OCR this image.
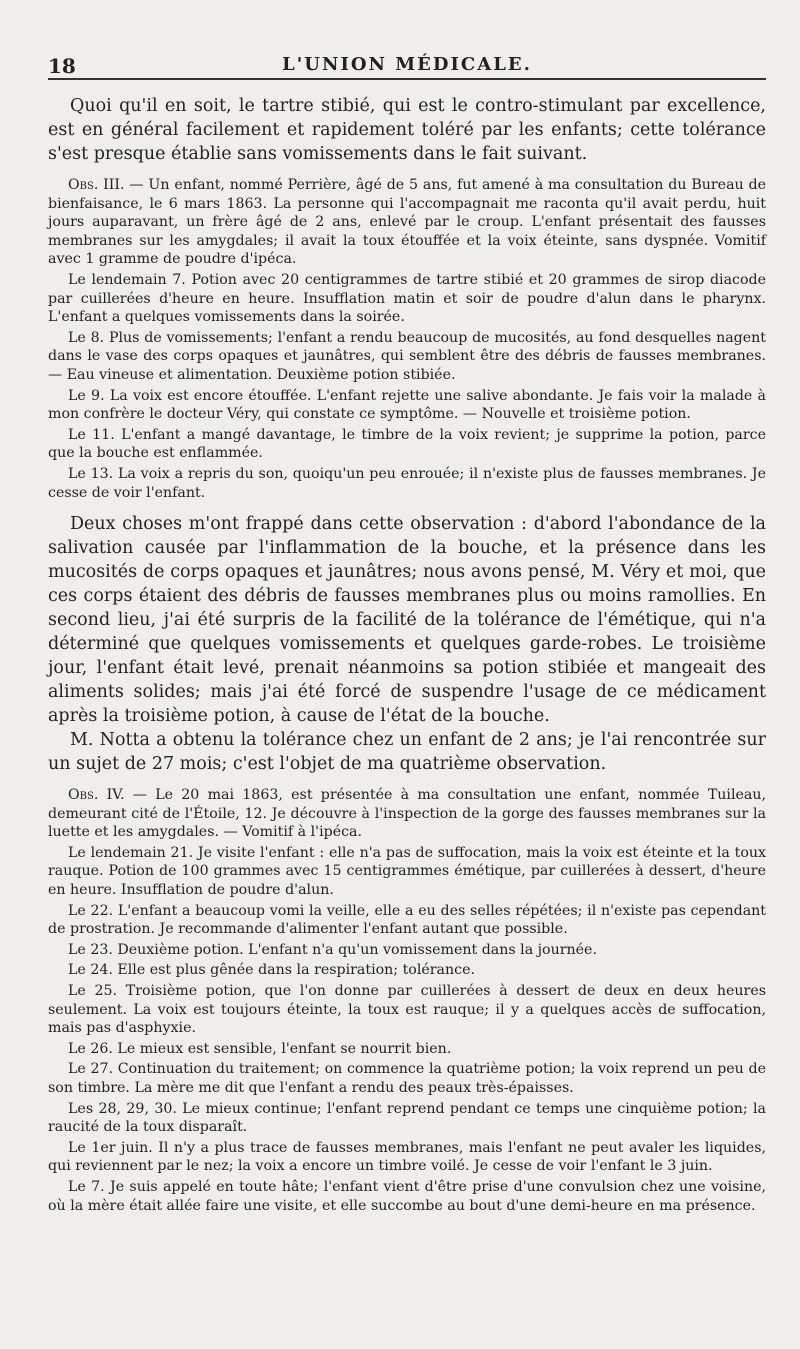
18	L'UNION MÉDICALE.

Quoi qu'il en soit, le tartre stibié, qui est le contro-stimulant par excellence, est en général facilement et rapidement toléré par les enfants; cette tolérance s'est presque établie sans vomissements dans le fait suivant.

Obs. III. — Un enfant, nommé Perrière, âgé de 5 ans, fut amené à ma consultation du Bureau de bienfaisance, le 6 mars 1863. La personne qui l'accompagnait me raconta qu'il avait perdu, huit jours auparavant, un frère âgé de 2 ans, enlevé par le croup. L'enfant présentait des fausses membranes sur les amygdales; il avait la toux étouffée et la voix éteinte, sans dyspnée. Vomitif avec 1 gramme de poudre d'ipéca.

Le lendemain 7. Potion avec 20 centigrammes de tartre stibié et 20 grammes de sirop diacode par cuillerées d'heure en heure. Insufflation matin et soir de poudre d'alun dans le pharynx. L'enfant a quelques vomissements dans la soirée.

Le 8. Plus de vomissements; l'enfant a rendu beaucoup de mucosités, au fond desquelles nagent dans le vase des corps opaques et jaunâtres, qui semblent être des débris de fausses membranes. — Eau vineuse et alimentation. Deuxième potion stibiée.

Le 9. La voix est encore étouffée. L'enfant rejette une salive abondante. Je fais voir la malade à mon confrère le docteur Véry, qui constate ce symptôme. — Nouvelle et troisième potion.

Le 11. L'enfant a mangé davantage, le timbre de la voix revient; je supprime la potion, parce que la bouche est enflammée.

Le 13. La voix a repris du son, quoiqu'un peu enrouée; il n'existe plus de fausses membranes. Je cesse de voir l'enfant.

Deux choses m'ont frappé dans cette observation : d'abord l'abondance de la salivation causée par l'inflammation de la bouche, et la présence dans les mucosités de corps opaques et jaunâtres; nous avons pensé, M. Véry et moi, que ces corps étaient des débris de fausses membranes plus ou moins ramollies. En second lieu, j'ai été surpris de la facilité de la tolérance de l'émétique, qui n'a déterminé que quelques vomissements et quelques garde-robes. Le troisième jour, l'enfant était levé, prenait néanmoins sa potion stibiée et mangeait des aliments solides; mais j'ai été forcé de suspendre l'usage de ce médicament après la troisième potion, à cause de l'état de la bouche.

M. Notta a obtenu la tolérance chez un enfant de 2 ans; je l'ai rencontrée sur un sujet de 27 mois; c'est l'objet de ma quatrième observation.

Obs. IV. — Le 20 mai 1863, est présentée à ma consultation une enfant, nommée Tuileau, demeurant cité de l'Étoile, 12. Je découvre à l'inspection de la gorge des fausses membranes sur la luette et les amygdales. — Vomitif à l'ipéca.

Le lendemain 21. Je visite l'enfant : elle n'a pas de suffocation, mais la voix est éteinte et la toux rauque. Potion de 100 grammes avec 15 centigrammes émétique, par cuillerées à dessert, d'heure en heure. Insufflation de poudre d'alun.

Le 22. L'enfant a beaucoup vomi la veille, elle a eu des selles répétées; il n'existe pas cependant de prostration. Je recommande d'alimenter l'enfant autant que possible.

Le 23. Deuxième potion. L'enfant n'a qu'un vomissement dans la journée.

Le 24. Elle est plus gênée dans la respiration; tolérance.

Le 25. Troisième potion, que l'on donne par cuillerées à dessert de deux en deux heures seulement. La voix est toujours éteinte, la toux est rauque; il y a quelques accès de suffocation, mais pas d'asphyxie.

Le 26. Le mieux est sensible, l'enfant se nourrit bien.

Le 27. Continuation du traitement; on commence la quatrième potion; la voix reprend un peu de son timbre. La mère me dit que l'enfant a rendu des peaux très-épaisses.

Les 28, 29, 30. Le mieux continue; l'enfant reprend pendant ce temps une cinquième potion; la raucité de la toux disparaît.

Le 1er juin. Il n'y a plus trace de fausses membranes, mais l'enfant ne peut avaler les liquides, qui reviennent par le nez; la voix a encore un timbre voilé. Je cesse de voir l'enfant le 3 juin.

Le 7. Je suis appelé en toute hâte; l'enfant vient d'être prise d'une convulsion chez une voisine, où la mère était allée faire une visite, et elle succombe au bout d'une demi-heure en ma présence.
